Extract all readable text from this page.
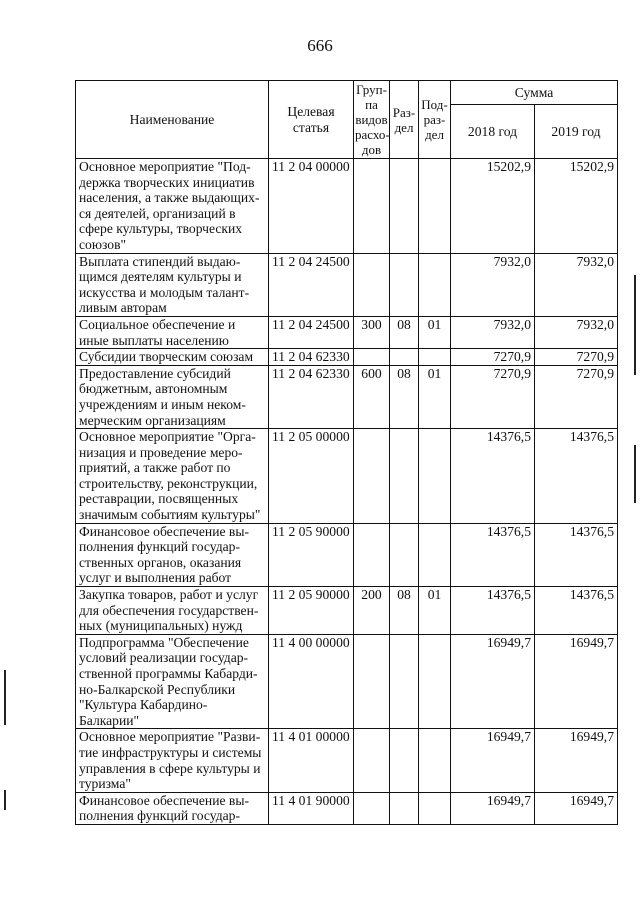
666
Наименование	Целевая статья	Груп- па видов расхо- дов	Раз- дел	Под- раз- дел	Сумма	
					2018 год	2019 год
Основное мероприятие "Под- держка творческих инициатив населения, а также выдающих- ся деятелей, организаций в сфере культуры, творческих союзов"	11 2 04 00000				15202,9	15202,9
Выплата стипендий выдаю- щимся деятелям культуры и искусства и молодым талант- ливым авторам	11 2 04 24500				7932,0	7932,0
Социальное обеспечение и иные выплаты населению	11 2 04 24500	300	08	01	7932,0	7932,0
Субсидии творческим союзам	11 2 04 62330				7270,9	7270,9
Предоставление субсидий бюджетным, автономным учреждениям и иным неком- мерческим организациям	11 2 04 62330	600	08	01	7270,9	7270,9
Основное мероприятие "Орга- низация и проведение меро- приятий, а также работ по строительству, реконструкции, реставрации, посвященных значимым событиям культуры"	11 2 05 00000				14376,5	14376,5
Финансовое обеспечение вы- полнения функций государ- ственных органов, оказания услуг и выполнения работ	11 2 05 90000				14376,5	14376,5
Закупка товаров, работ и услуг для обеспечения государствен- ных (муниципальных) нужд	11 2 05 90000	200	08	01	14376,5	14376,5
Подпрограмма "Обеспечение условий реализации государ- ственной программы Кабарди- но-Балкарской Республики "Культура Кабардино- Балкарии"	11 4 00 00000				16949,7	16949,7
Основное мероприятие "Разви- тие инфраструктуры и системы управления в сфере культуры и туризма"	11 4 01 00000				16949,7	16949,7
Финансовое обеспечение вы- полнения функций государ-	11 4 01 90000				16949,7	16949,7
